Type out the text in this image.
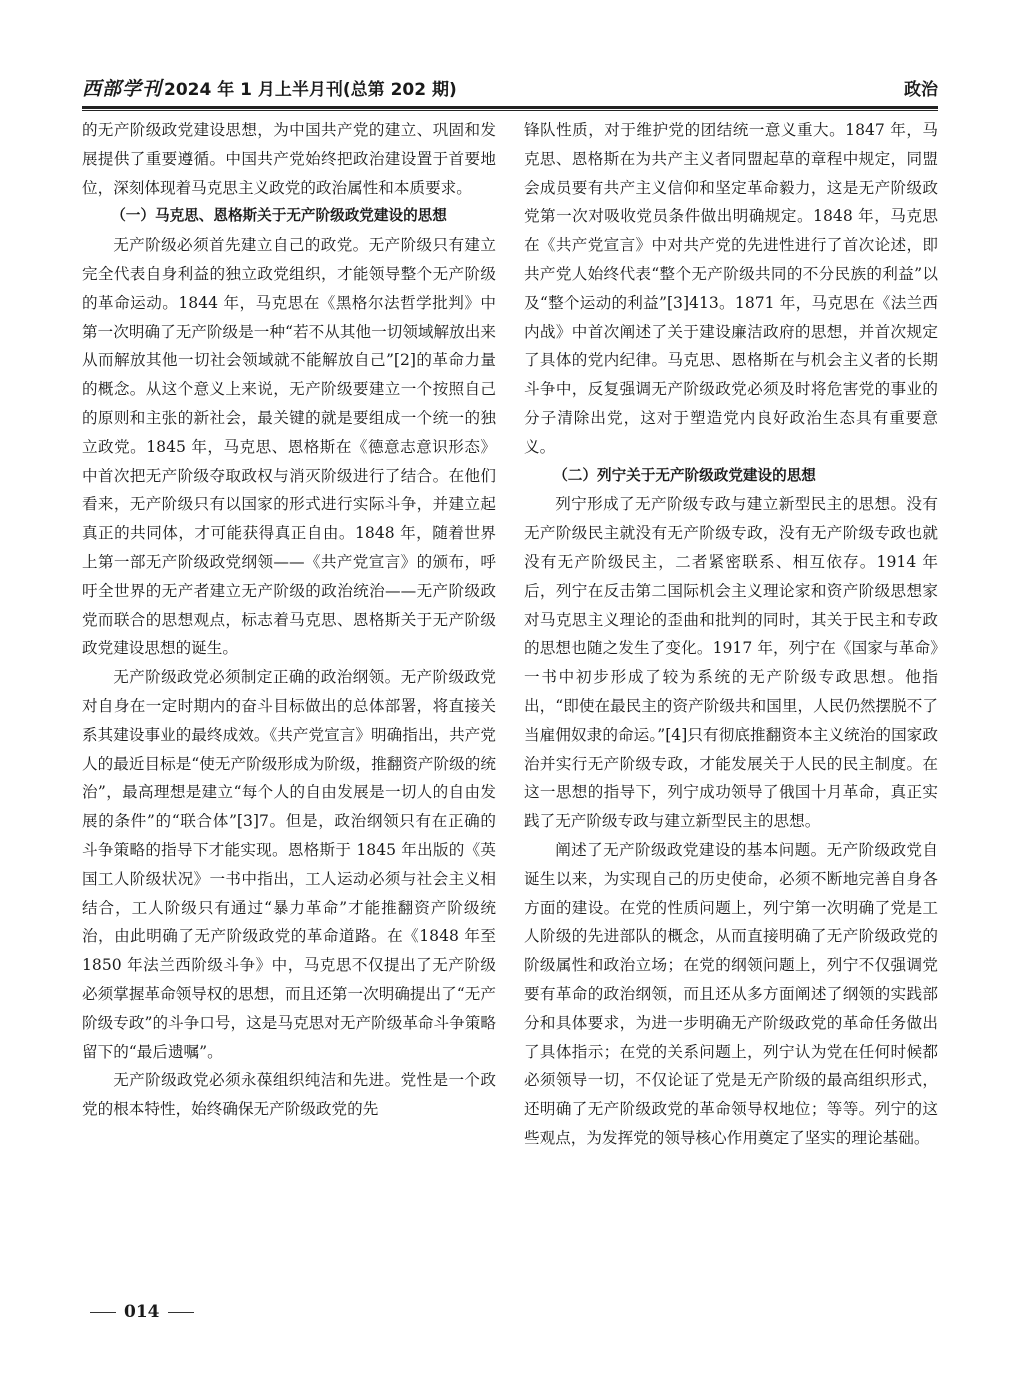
西部学刊 2024 年 1 月上半月刊(总第 202 期)	政治

的无产阶级政党建设思想，为中国共产党的建立、巩固和发展提供了重要遵循。中国共产党始终把政治建设置于首要地位，深刻体现着马克思主义政党的政治属性和本质要求。

（一）马克思、恩格斯关于无产阶级政党建设的思想

无产阶级必须首先建立自己的政党。无产阶级只有建立完全代表自身利益的独立政党组织，才能领导整个无产阶级的革命运动。1844 年，马克思在《黑格尔法哲学批判》中第一次明确了无产阶级是一种“若不从其他一切领域解放出来从而解放其他一切社会领域就不能解放自己”[2]的革命力量的概念。从这个意义上来说，无产阶级要建立一个按照自己的原则和主张的新社会，最关键的就是要组成一个统一的独立政党。1845 年，马克思、恩格斯在《德意志意识形态》中首次把无产阶级夺取政权与消灭阶级进行了结合。在他们看来，无产阶级只有以国家的形式进行实际斗争，并建立起真正的共同体，才可能获得真正自由。1848 年，随着世界上第一部无产阶级政党纲领——《共产党宣言》的颁布，呼吁全世界的无产者建立无产阶级的政治统治——无产阶级政党而联合的思想观点，标志着马克思、恩格斯关于无产阶级政党建设思想的诞生。

无产阶级政党必须制定正确的政治纲领。无产阶级政党对自身在一定时期内的奋斗目标做出的总体部署，将直接关系其建设事业的最终成效。《共产党宣言》明确指出，共产党人的最近目标是“使无产阶级形成为阶级，推翻资产阶级的统治”，最高理想是建立“每个人的自由发展是一切人的自由发展的条件”的“联合体”[3]7。但是，政治纲领只有在正确的斗争策略的指导下才能实现。恩格斯于 1845 年出版的《英国工人阶级状况》一书中指出，工人运动必须与社会主义相结合，工人阶级只有通过“暴力革命”才能推翻资产阶级统治，由此明确了无产阶级政党的革命道路。在《1848 年至 1850 年法兰西阶级斗争》中，马克思不仅提出了无产阶级必须掌握革命领导权的思想，而且还第一次明确提出了“无产阶级专政”的斗争口号，这是马克思对无产阶级革命斗争策略留下的“最后遗嘱”。

无产阶级政党必须永葆组织纯洁和先进。党性是一个政党的根本特性，始终确保无产阶级政党的先

锋队性质，对于维护党的团结统一意义重大。1847 年，马克思、恩格斯在为共产主义者同盟起草的章程中规定，同盟会成员要有共产主义信仰和坚定革命毅力，这是无产阶级政党第一次对吸收党员条件做出明确规定。1848 年，马克思在《共产党宣言》中对共产党的先进性进行了首次论述，即共产党人始终代表“整个无产阶级共同的不分民族的利益”以及“整个运动的利益”[3]413。1871 年，马克思在《法兰西内战》中首次阐述了关于建设廉洁政府的思想，并首次规定了具体的党内纪律。马克思、恩格斯在与机会主义者的长期斗争中，反复强调无产阶级政党必须及时将危害党的事业的分子清除出党，这对于塑造党内良好政治生态具有重要意义。

（二）列宁关于无产阶级政党建设的思想

列宁形成了无产阶级专政与建立新型民主的思想。没有无产阶级民主就没有无产阶级专政，没有无产阶级专政也就没有无产阶级民主，二者紧密联系、相互依存。1914 年后，列宁在反击第二国际机会主义理论家和资产阶级思想家对马克思主义理论的歪曲和批判的同时，其关于民主和专政的思想也随之发生了变化。1917 年，列宁在《国家与革命》一书中初步形成了较为系统的无产阶级专政思想。他指出，“即使在最民主的资产阶级共和国里，人民仍然摆脱不了当雇佣奴隶的命运。”[4]只有彻底推翻资本主义统治的国家政治并实行无产阶级专政，才能发展关于人民的民主制度。在这一思想的指导下，列宁成功领导了俄国十月革命，真正实践了无产阶级专政与建立新型民主的思想。

阐述了无产阶级政党建设的基本问题。无产阶级政党自诞生以来，为实现自己的历史使命，必须不断地完善自身各方面的建设。在党的性质问题上，列宁第一次明确了党是工人阶级的先进部队的概念，从而直接明确了无产阶级政党的阶级属性和政治立场；在党的纲领问题上，列宁不仅强调党要有革命的政治纲领，而且还从多方面阐述了纲领的实践部分和具体要求，为进一步明确无产阶级政党的革命任务做出了具体指示；在党的关系问题上，列宁认为党在任何时候都必须领导一切，不仅论证了党是无产阶级的最高组织形式，还明确了无产阶级政党的革命领导权地位；等等。列宁的这些观点，为发挥党的领导核心作用奠定了坚实的理论基础。

014
